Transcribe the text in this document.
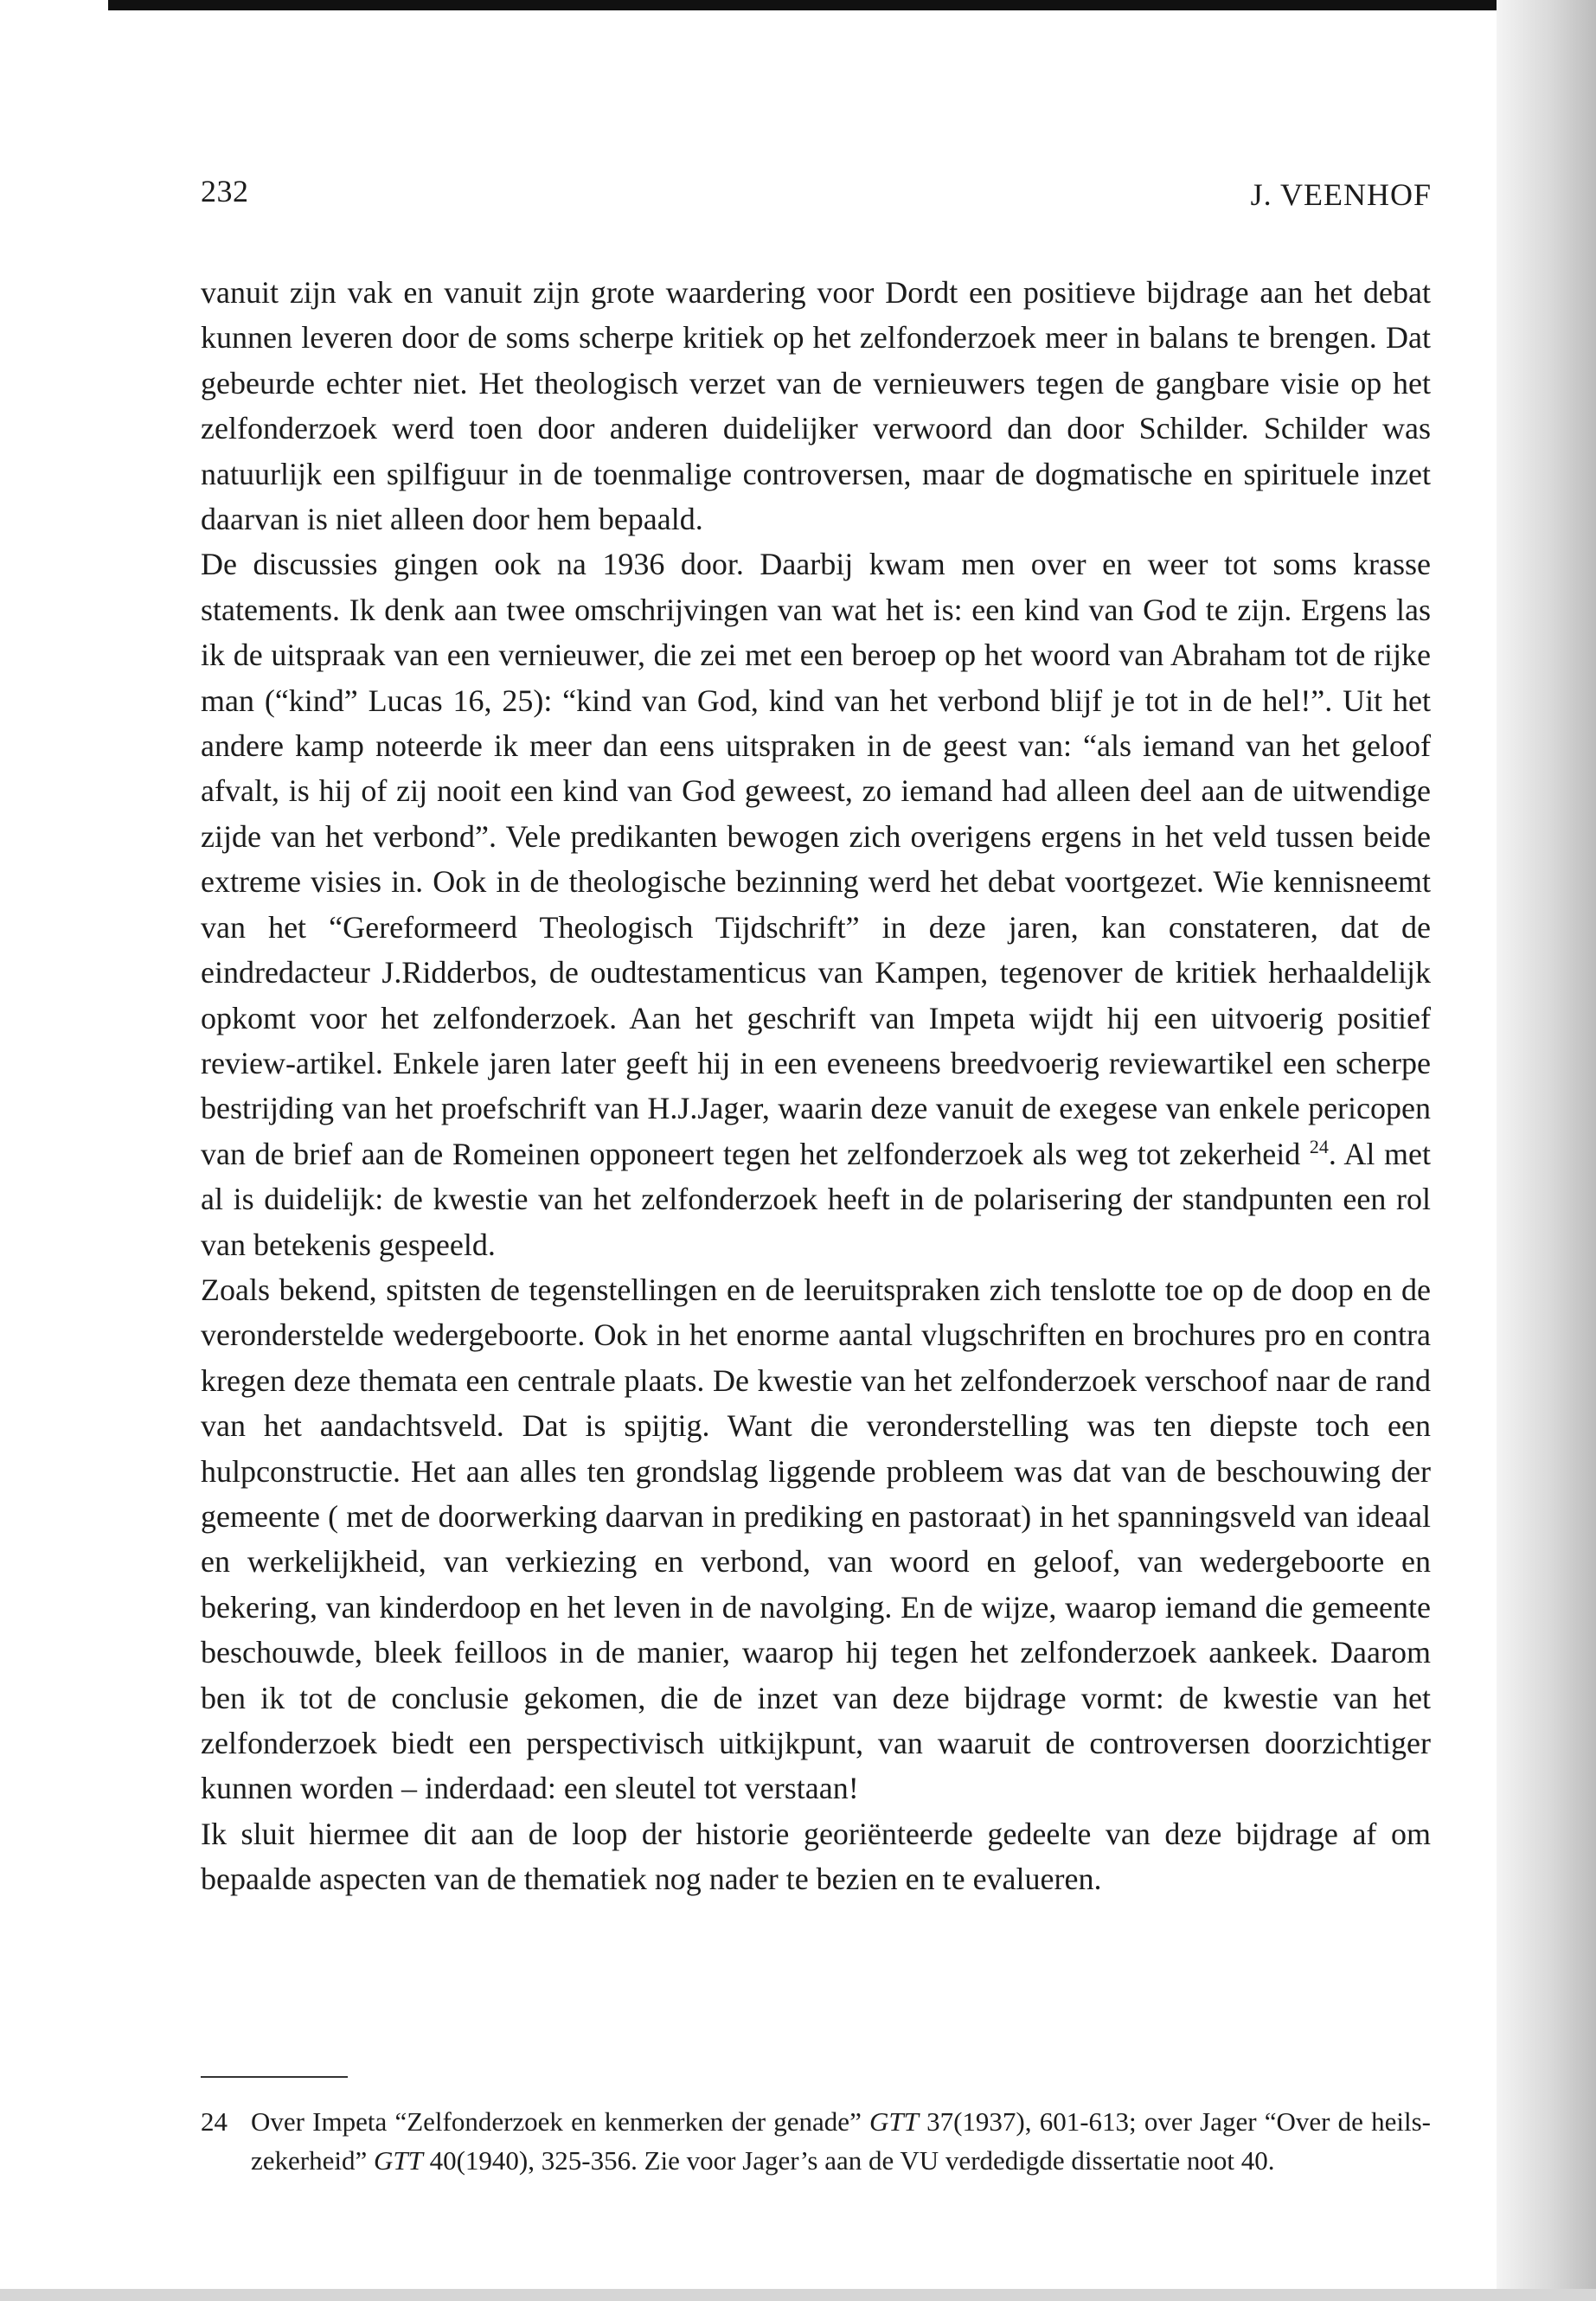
232	J. VEENHOF

vanuit zijn vak en vanuit zijn grote waardering voor Dordt een positieve bijdrage aan het debat kunnen leveren door de soms scherpe kritiek op het zelfonderzoek meer in balans te brengen. Dat gebeurde echter niet. Het theologisch verzet van de vernieuwers tegen de gangbare visie op het zelfonderzoek werd toen door anderen duidelijker verwoord dan door Schilder. Schilder was natuurlijk een spilfiguur in de toenmalige controversen, maar de dogmatische en spirituele inzet daarvan is niet alleen door hem bepaald.

De discussies gingen ook na 1936 door. Daarbij kwam men over en weer tot soms krasse statements. Ik denk aan twee omschrijvingen van wat het is: een kind van God te zijn. Ergens las ik de uitspraak van een vernieuwer, die zei met een beroep op het woord van Abraham tot de rijke man (“kind” Lucas 16, 25): “kind van God, kind van het verbond blijf je tot in de hel!”. Uit het andere kamp noteerde ik meer dan eens uitspraken in de geest van: “als iemand van het geloof afvalt, is hij of zij nooit een kind van God geweest, zo iemand had alleen deel aan de uitwendige zijde van het verbond”. Vele predikanten bewogen zich overigens ergens in het veld tussen beide extreme visies in. Ook in de theologische bezinning werd het debat voortgezet. Wie kennisneemt van het “Gereformeerd Theologisch Tijdschrift” in deze jaren, kan constateren, dat de eindredacteur J.Ridderbos, de oudtestamenticus van Kampen, tegenover de kritiek herhaaldelijk opkomt voor het zelfonderzoek. Aan het geschrift van Impeta wijdt hij een uitvoerig positief review-artikel. Enkele jaren later geeft hij in een eveneens breedvoerig reviewartikel een scherpe bestrijding van het proefschrift van H.J.Jager, waarin deze vanuit de exegese van enkele pericopen van de brief aan de Romeinen opponeert tegen het zelfonderzoek als weg tot zekerheid $^{24}$. Al met al is duidelijk: de kwestie van het zelfonderzoek heeft in de polarisering der standpunten een rol van betekenis gespeeld.

Zoals bekend, spitsten de tegenstellingen en de leeruitspraken zich tenslotte toe op de doop en de veronderstelde wedergeboorte. Ook in het enorme aantal vlugschriften en brochures pro en contra kregen deze themata een centrale plaats. De kwestie van het zelfonderzoek verschoof naar de rand van het aandachtsveld. Dat is spijtig. Want die veronderstelling was ten diepste toch een hulpconstructie. Het aan alles ten grondslag liggende probleem was dat van de beschouwing der gemeente ( met de doorwerking daarvan in prediking en pastoraat) in het spanningsveld van ideaal en werkelijkheid, van verkiezing en verbond, van woord en geloof, van wedergeboorte en bekering, van kinderdoop en het leven in de navolging. En de wijze, waarop iemand die gemeente beschouwde, bleek feilloos in de manier, waarop hij tegen het zelfonderzoek aankeek. Daarom ben ik tot de conclusie gekomen, die de inzet van deze bijdrage vormt: de kwestie van het zelfonderzoek biedt een perspectivisch uitkijkpunt, van waaruit de controversen doorzichtiger kunnen worden – inderdaad: een sleutel tot verstaan!

Ik sluit hiermee dit aan de loop der historie georiënteerde gedeelte van deze bijdrage af om bepaalde aspecten van de thematiek nog nader te bezien en te evalueren.

24 Over Impeta “Zelfonderzoek en kenmerken der genade” GTT 37(1937), 601-613; over Jager “Over de heils-zekerheid” GTT 40(1940), 325-356. Zie voor Jager’s aan de VU verdedigde dissertatie noot 40.
